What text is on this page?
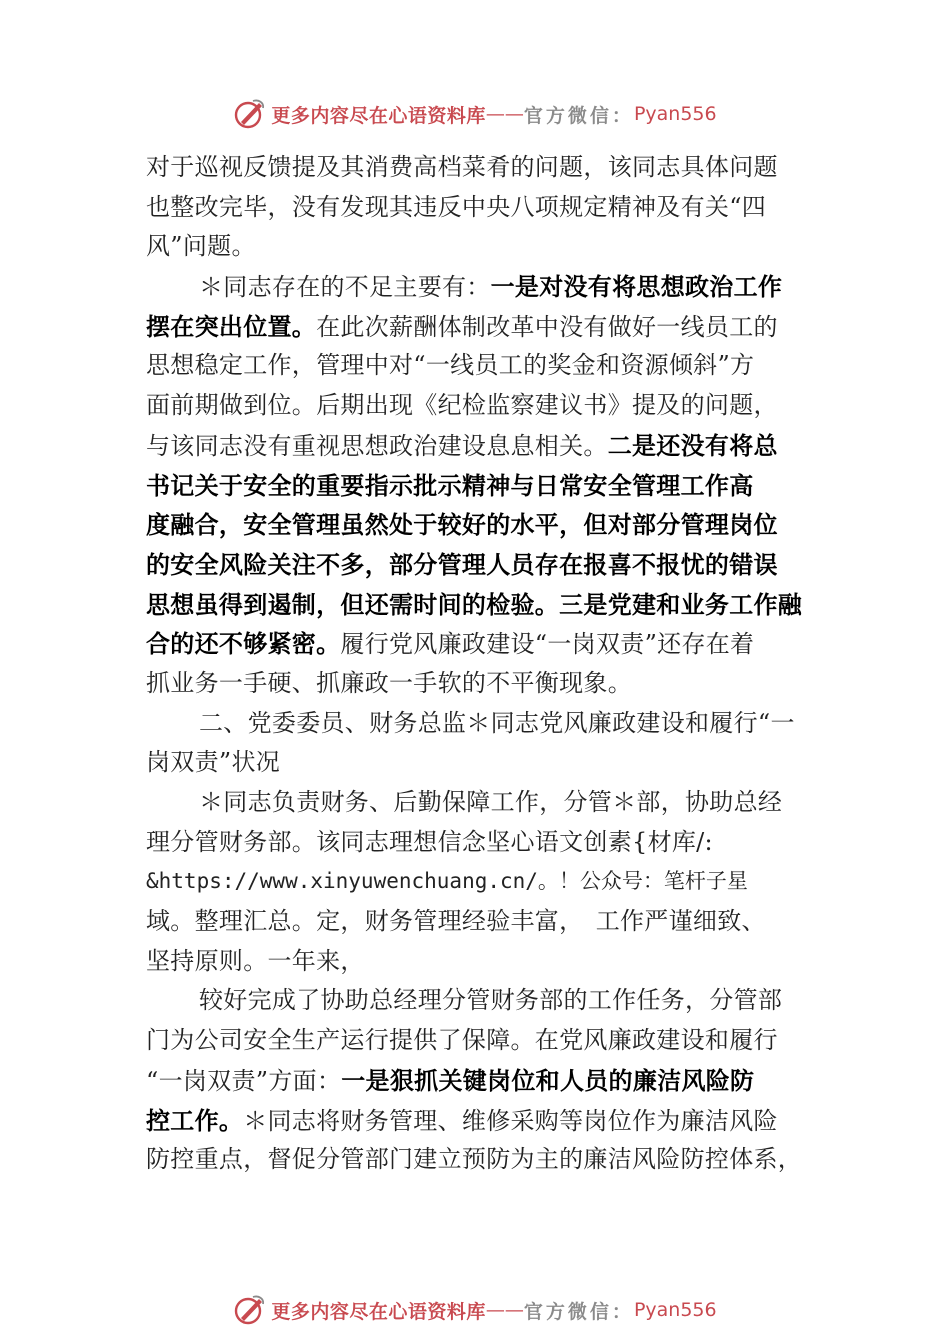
更多内容尽在心语资料库 —— 官方微信： Pyan556
对于巡视反馈提及其消费高档菜肴的问题，该同志具体问题
也整改完毕，没有发现其违反中央八项规定精神及有关“四
风”问题。
＊同志存在的不足主要有：一是对没有将思想政治工作
摆在突出位置。在此次薪酬体制改革中没有做好一线员工的
思想稳定工作，管理中对“一线员工的奖金和资源倾斜”方
面前期做到位。后期出现《纪检监察建议书》提及的问题，
与该同志没有重视思想政治建设息息相关。二是还没有将总
书记关于安全的重要指示批示精神与日常安全管理工作高
度融合，安全管理虽然处于较好的水平，但对部分管理岗位
的安全风险关注不多，部分管理人员存在报喜不报忧的错误
思想虽得到遏制，但还需时间的检验。三是党建和业务工作融
合的还不够紧密。履行党风廉政建设“一岗双责”还存在着
抓业务一手硬、抓廉政一手软的不平衡现象。
二、党委委员、财务总监＊同志党风廉政建设和履行“一
岗双责”状况
＊同志负责财务、后勤保障工作，分管＊部，协助总经
理分管财务部。该同志理想信念坚心语文创素{材库/:
&https://www.xinyuwenchuang.cn/。！公众号：笔杆子星
域。整理汇总。定，财务管理经验丰富，　工作严谨细致、
坚持原则。一年来，
较好完成了协助总经理分管财务部的工作任务，分管部
门为公司安全生产运行提供了保障。在党风廉政建设和履行
“一岗双责”方面：一是狠抓关键岗位和人员的廉洁风险防
控工作。＊同志将财务管理、维修采购等岗位作为廉洁风险
防控重点，督促分管部门建立预防为主的廉洁风险防控体系，
更多内容尽在心语资料库 —— 官方微信： Pyan556
